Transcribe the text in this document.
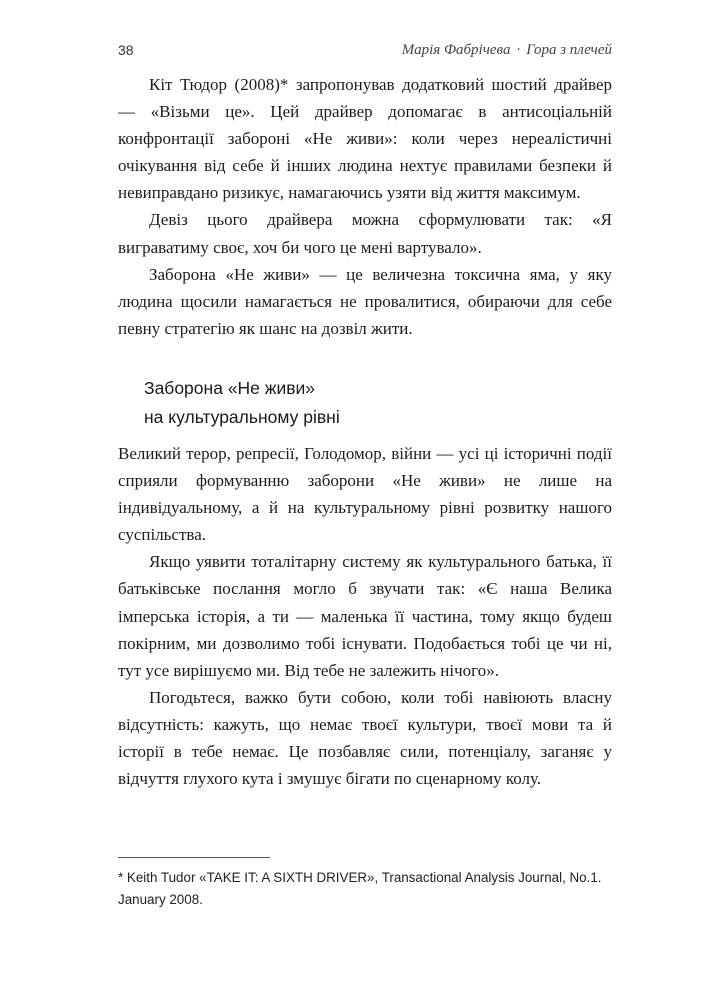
38	Марія Фабрічева · Гора з плечей

Кіт Тюдор (2008)* запропонував додатковий шостий драйвер — «Візьми це». Цей драйвер допомагає в антисоціальній конфронтації забороні «Не живи»: коли через нереалістичні очікування від себе й інших людина нехтує правилами безпеки й невиправдано ризикує, намагаючись узяти від життя максимум.

Девіз цього драйвера можна сформулювати так: «Я виграватиму своє, хоч би чого це мені вартувало».

Заборона «Не живи» — це величезна токсична яма, у яку людина щосили намагається не провалитися, обираючи для себе певну стратегію як шанс на дозвіл жити.

Заборона «Не живи»
на культуральному рівні

Великий терор, репресії, Голодомор, війни — усі ці історичні події сприяли формуванню заборони «Не живи» не лише на індивідуальному, а й на культуральному рівні розвитку нашого суспільства.

Якщо уявити тоталітарну систему як культурального батька, її батьківське послання могло б звучати так: «Є наша Велика імперська історія, а ти — маленька її частина, тому якщо будеш покірним, ми дозволимо тобі існувати. Подобається тобі це чи ні, тут усе вирішуємо ми. Від тебе не залежить нічого».

Погодьтеся, важко бути собою, коли тобі навіюють власну відсутність: кажуть, що немає твоєї культури, твоєї мови та й історії в тебе немає. Це позбавляє сили, потенціалу, заганяє у відчуття глухого кута і змушує бігати по сценарному колу.

* Keith Tudor «TAKE IT: A SIXTH DRIVER», Transactional Analysis Journal, No.1. January 2008.
